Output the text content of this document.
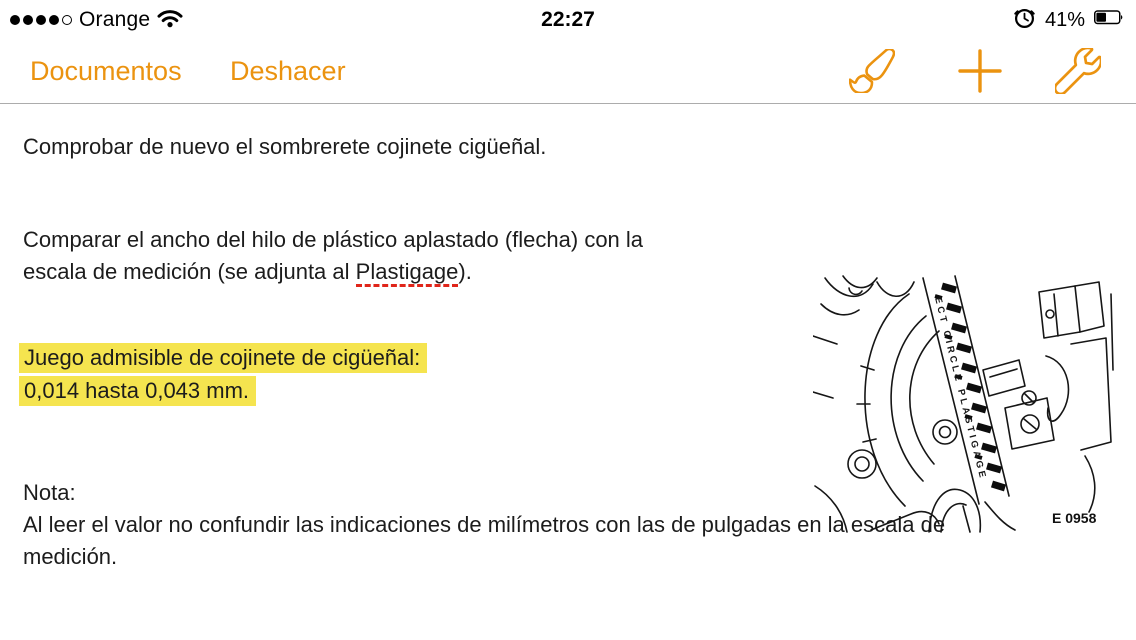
Orange	22:27	41%
Documentos Deshacer

Comprobar de nuevo el sombrerete cojinete cigüeñal.

Comparar el ancho del hilo de plástico aplastado (flecha) con la
escala de medición (se adjunta al Plastigage).

Juego admisible de cojinete de cigüeñal:
0,014 hasta 0,043 mm.

Nota:
Al leer el valor no confundir las indicaciones de milímetros con las de pulgadas en la escala de
medición.

ECT CIRCLE PLASTIGAGE
E 0958
